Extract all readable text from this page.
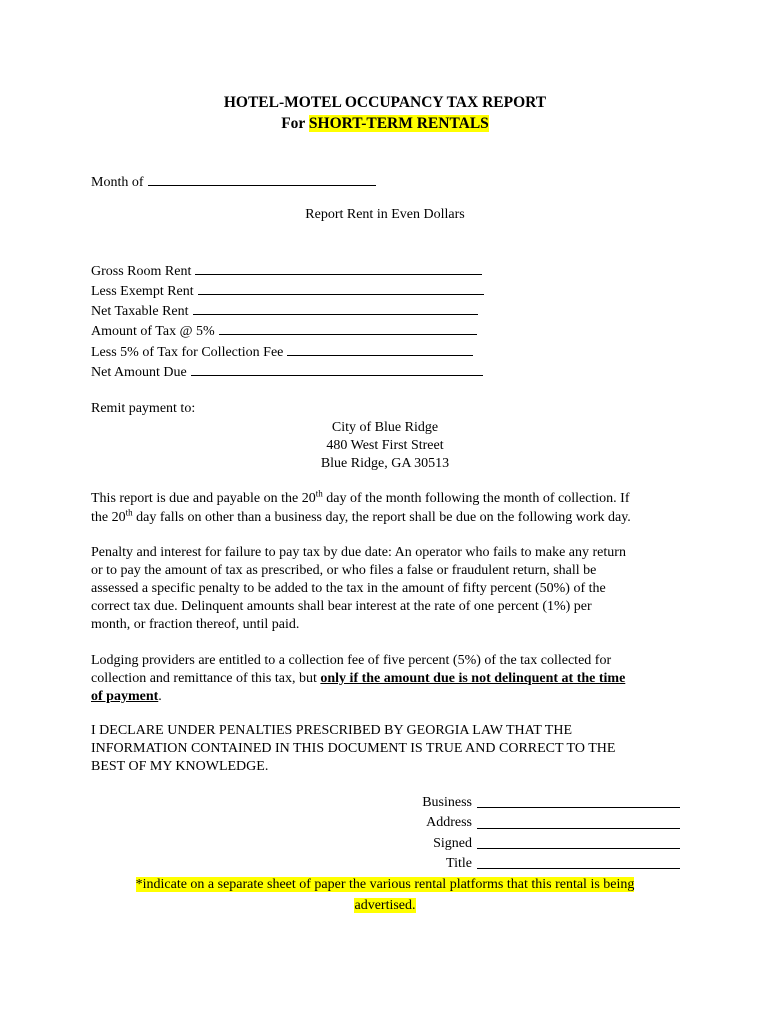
HOTEL-MOTEL OCCUPANCY TAX REPORT
For SHORT-TERM RENTALS
Month of
Report Rent in Even Dollars
Gross Room Rent
Less Exempt Rent
Net Taxable Rent
Amount of Tax @ 5%
Less 5% of Tax for Collection Fee
Net Amount Due
Remit payment to:
City of Blue Ridge
480 West First Street
Blue Ridge, GA 30513
This report is due and payable on the 20th day of the month following the month of collection. If
the 20th day falls on other than a business day, the report shall be due on the following work day.
Penalty and interest for failure to pay tax by due date: An operator who fails to make any return
or to pay the amount of tax as prescribed, or who files a false or fraudulent return, shall be
assessed a specific penalty to be added to the tax in the amount of fifty percent (50%) of the
correct tax due. Delinquent amounts shall bear interest at the rate of one percent (1%) per
month, or fraction thereof, until paid.
Lodging providers are entitled to a collection fee of five percent (5%) of the tax collected for
collection and remittance of this tax, but only if the amount due is not delinquent at the time
of payment.
I DECLARE UNDER PENALTIES PRESCRIBED BY GEORGIA LAW THAT THE
INFORMATION CONTAINED IN THIS DOCUMENT IS TRUE AND CORRECT TO THE
BEST OF MY KNOWLEDGE.
Business
Address
Signed
Title
*indicate on a separate sheet of paper the various rental platforms that this rental is being
advertised.
